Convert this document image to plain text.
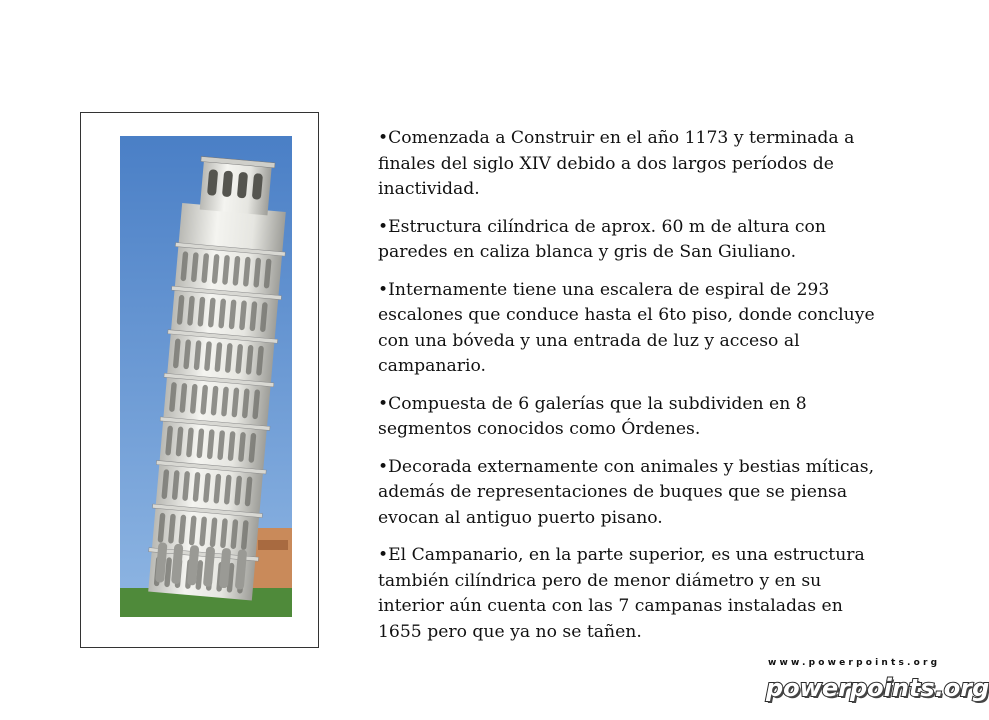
•Comenzada a Construir en el año 1173 y terminada a finales del siglo XIV debido a dos largos períodos de inactividad.

•Estructura cilíndrica de aprox. 60 m de altura con paredes en caliza blanca y gris de San Giuliano.

•Internamente tiene una escalera de espiral de 293 escalones que conduce hasta el 6to piso, donde concluye con una bóveda y una entrada de luz y acceso al campanario.

•Compuesta de 6 galerías que la subdividen en 8 segmentos conocidos como Órdenes.

•Decorada externamente con animales y bestias míticas, además de representaciones de buques que se piensa evocan al antiguo puerto pisano.

•El Campanario, en la parte superior, es una estructura también cilíndrica pero de menor diámetro y en su interior aún cuenta con las 7 campanas instaladas en 1655 pero que ya no se tañen.

www.powerpoints.org
powerpoints.org
